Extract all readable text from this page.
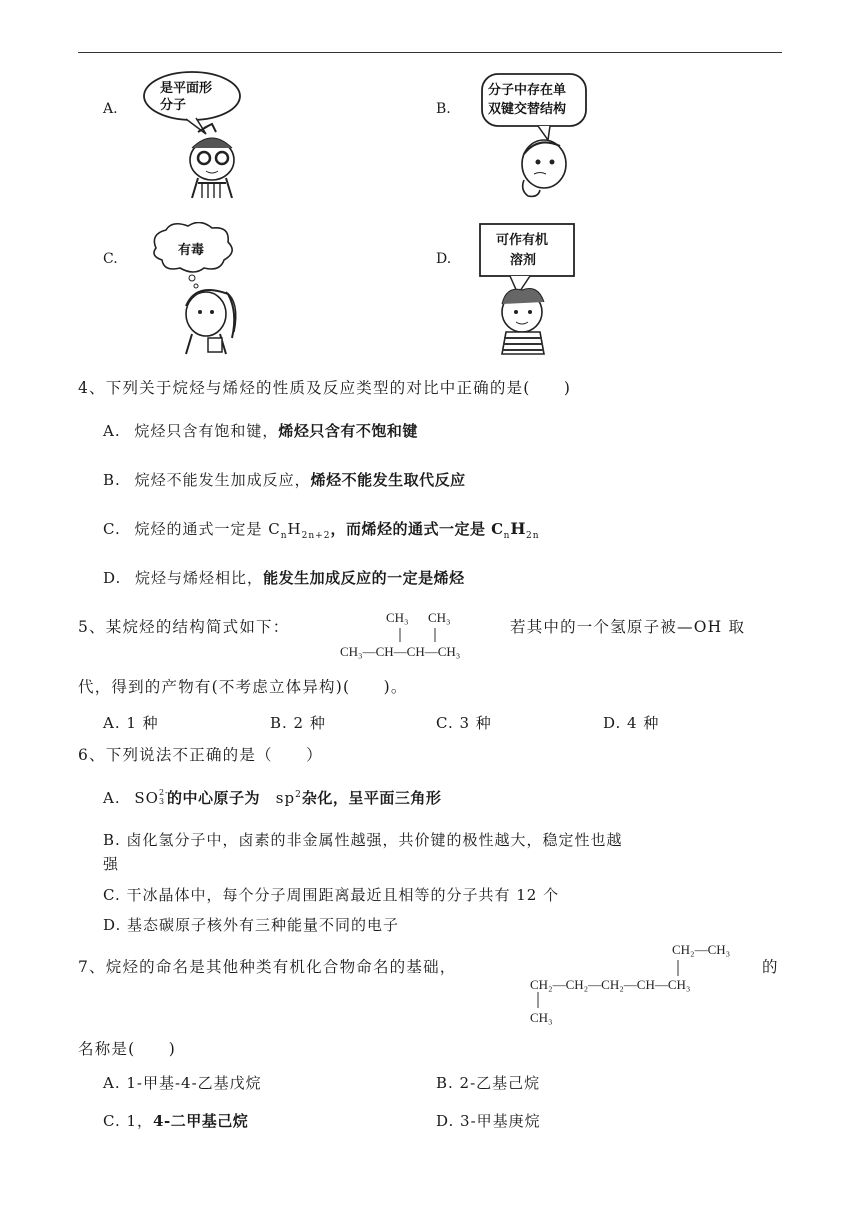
A.
是平面形
分子	B.
分子中存在单
双键交替结构
C.
有毒
D.
可作有机
溶剂
4、下列关于烷烃与烯烃的性质及反应类型的对比中正确的是(　　)
A. 烷烃只含有饱和键，烯烃只含有不饱和键
B. 烷烃不能发生加成反应，烯烃不能发生取代反应
C. 烷烃的通式一定是 $C_nH_{2n+2}$，而烯烃的通式一定是 $C_nH_{2n}$
D. 烷烃与烯烃相比，能发生加成反应的一定是烯烃
5、某烷烃的结构简式如下：	若其中的一个氢原子被—OH 取
CH₃ CH₃
CH₃—CH—CH—CH₃
代，得到的产物有(不考虑立体异构)(　　)。
A. 1 种	B. 2 种	C. 3 种	D. 4 种
6、下列说法不正确的是（　　）
A. SO 2-
3 的中心原子为 $sp^2$杂化，呈平面三角形
B. 卤化氢分子中，卤素的非金属性越强，共价键的极性越大，稳定性也越
强
C. 干冰晶体中，每个分子周围距离最近且相等的分子共有 12 个
D. 基态碳原子核外有三种能量不同的电子
7、烷烃的命名是其他种类有机化合物命名的基础，	的
CH₂—CH₃
CH₂—CH₂—CH₂—CH—CH₃
CH₃
名称是(　　)
A. 1-甲基-4-乙基戊烷	B. 2-乙基己烷
C. 1，4-二甲基己烷	D. 3-甲基庚烷
